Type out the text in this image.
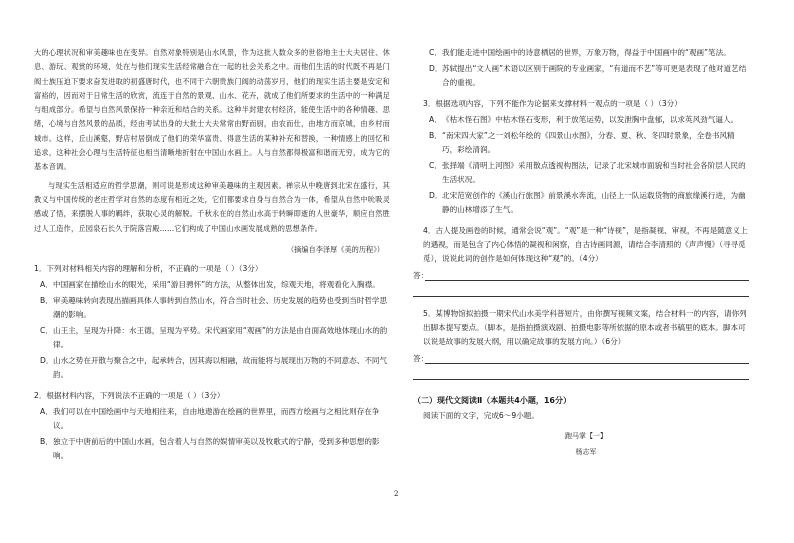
大的心理状况和审美趣味也在变异。自然对象特别是山水风景，作为这批人数众多的世俗地主士大夫居住、休息、游玩、观赏的环境，处在与他们现实生活经常融合在一起的社会关系之中。而他们生活的时代既不再是门阀士族压迫下要求奋发进取的初盛唐时代，也不同于六朝贵族门阀的动荡岁月，他们的现实生活主要是安定和富裕的，因而对于日常生活的欣赏，流连于自然的景观、山水、花卉，就成了他们所要求的生活中的一种满足与组成部分。希望与自然风景保持一种亲近和结合的关系。这种半封建农村经济，能使生活中的各种情趣、思绪，心境与自然风景的品质，经由考试出身的大批士大夫常常由野而厨，由农而仕，由地方而京城，由乡村而城市。这样，丘山溪壑，野店村居倒成了他们的荣华富贵、得意生活的某种补充和替换，一种情感上的回忆和追求，这种社会心理与生活特征也相当清晰地折射在中国山水画上。人与自然都得极富和谐而无穷，成为它的基本音调。

与现实生活相适应的哲学思潮，则可说是形成这种审美趣味的主观因素。禅宗从中晚唐到北宋在盛行，其教义与中国传统的老庄哲学对自然的态度有相近之处，它们都要求自身与自然合为一体，希望从自然中吮吸灵感或了悟，来摆脱人事的羁绊，获取心灵的解脱。千秋永在的自然山水高于转瞬即逝的人世豪华，顺应自然胜过人工造作，丘园泉石长久于院落宫殿……它们构成了中国山水画发展成熟的思想条件。

（摘编自李泽厚《美的历程》）
1．下列对材料相关内容的理解和分析，不正确的一项是（ ）（3分）
A．中国画家在描绘山水的眼光，采用“游目骋怀”的方法，从整体出发，综观天地，将观看化入胸襟。
B．审美趣味转向表现出描画具体人事转到自然山水，符合当时社会、历史发展的趋势也受到当时哲学思潮的影响。
C．山王主，呈现为升降：水王德，呈现为平势。宋代画家用“观画”的方法是由自面高效地体现山水的韵律。
D．山水之势在开散与聚合之中，起承转合，因其海以相融，故而能将与展现出万物的不同意态、不同气韵。
2．根据材料内容，下列说法不正确的一项是（ ）（3分）
A．我们可以在中国绘画中与天地相往来，自由地遨游在绘画的世界里，而西方绘画与之相比则存在争议。
B．独立于中唐前后的中国山水画，包含着人与自然的娱情审美以及牧歌式的宁静，受到多种思想的影响。
C．我们能走进中国绘画中的诗意栖居的世界，万象万物，得益于中国画中的“观画”笔法。
D．苏轼提出“文人画”术语以区别于画院的专业画家，“有道而不艺”等可更是表现了他对道艺结合的重视。
3．根据选项内容，下列不能作为论据来支撑材料一观点的一项是（ ）（3分）
A．《枯木怪石图》中枯木怪石变形，利于放笔运势，以发泄胸中盘郁，以求英风劲气逼人。
B．“南宋四大家”之一刘松年绘的《四景山水图》，分春、夏、秋、冬四时景象，全卷书风精巧，彩绘清润。
C．张择端《清明上河图》采用散点透视构图法，记录了北宋城市面貌和当时社会各阶层人民的生活状况。
D．北宋范宽创作的《溪山行旅图》前景溪水奔流，山径上一队运载货物的商旅缘溪行进，为幽静的山林增添了生气。
4．古人提及画卷的时候，通常会说“观”。“观”是一种“诗视”，是指凝视、审视，不再是随意义上的遇视，而是包含了内心体悟的凝视和闲察，自古诗画同源，请结合李清照的《声声慢》（寻寻觅觅），说说此词的创作是如何体现这种“观”的。（4分）
答：
5．某博物馆拟拍摄一期宋代山水美学科普短片，由你撰写视频文案，结合材料一的内容，请你列出脚本提写要点。（脚本，是指拍摄演戏剧、拍摄电影等所依据的原本或者书稿里的底本。脚本可以说是故事的发展大纲，用以确定故事的发展方向。）（6分）
答：
（二）现代文阅读Ⅱ（本题共4小题，16分）
阅读下面的文字，完成6～9小题。
跑马掌【一】
杨志军
2
